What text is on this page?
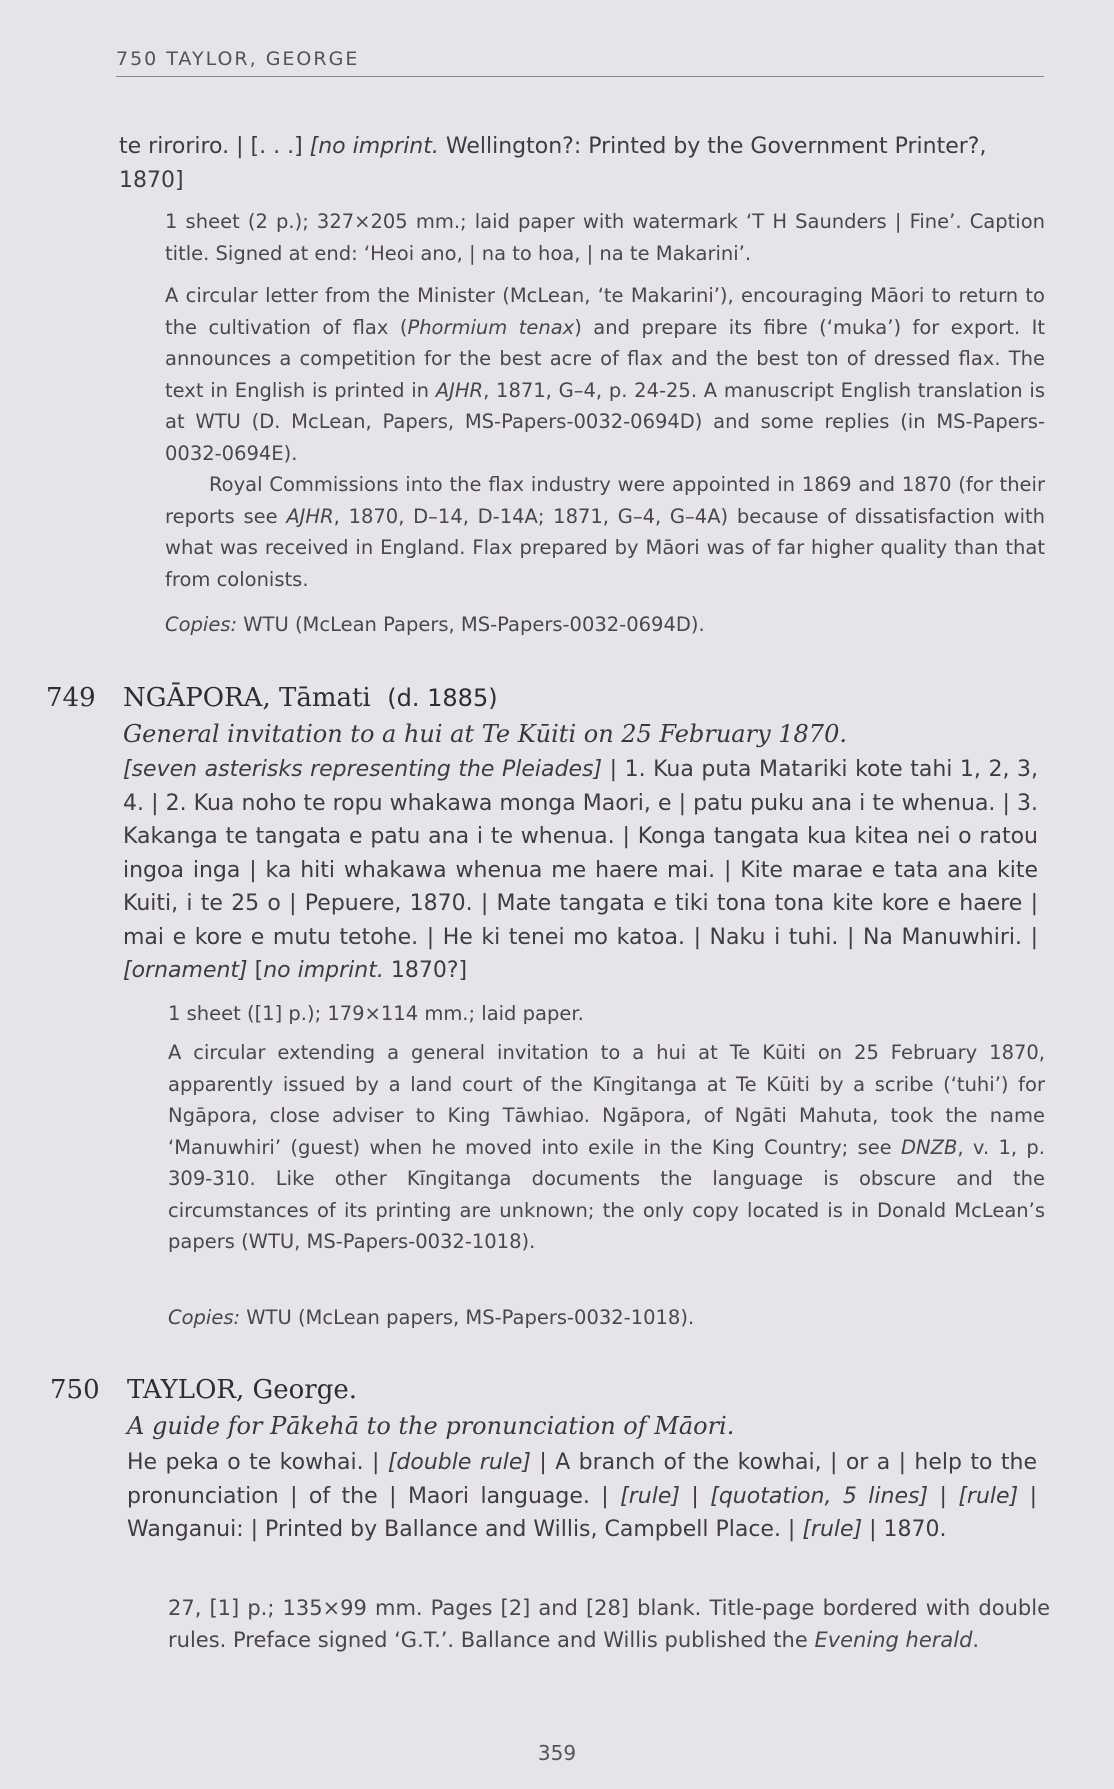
750 TAYLOR, GEORGE
te riroriro. | [. . .] [no imprint. Wellington?: Printed by the Government Printer?, 1870]
1 sheet (2 p.); 327×205 mm.; laid paper with watermark ‘T H Saunders | Fine’. Caption title. Signed at end: ‘Heoi ano, | na to hoa, | na te Makarini’.
A circular letter from the Minister (McLean, ‘te Makarini’), encouraging Māori to return to the cultivation of flax (Phormium tenax) and prepare its fibre (‘muka’) for export. It announces a competition for the best acre of flax and the best ton of dressed flax. The text in English is printed in AJHR, 1871, G–4, p. 24-25. A manuscript English translation is at WTU (D. McLean, Papers, MS-Papers-0032-0694D) and some replies (in MS-Papers-0032-0694E).
Royal Commissions into the flax industry were appointed in 1869 and 1870 (for their reports see AJHR, 1870, D–14, D-14A; 1871, G–4, G–4A) because of dissatisfaction with what was received in England. Flax prepared by Māori was of far higher quality than that from colonists.
Copies: WTU (McLean Papers, MS-Papers-0032-0694D).
749 NGĀPORA, Tāmati (d. 1885)
General invitation to a hui at Te Kūiti on 25 February 1870.
[seven asterisks representing the Pleiades] | 1. Kua puta Matariki kote tahi 1, 2, 3, 4. | 2. Kua noho te ropu whakawa monga Maori, e | patu puku ana i te whenua. | 3. Kakanga te tangata e patu ana i te whenua. | Konga tangata kua kitea nei o ratou ingoa inga | ka hiti whakawa whenua me haere mai. | Kite marae e tata ana kite Kuiti, i te 25 o | Pepuere, 1870. | Mate tangata e tiki tona tona kite kore e haere | mai e kore e mutu tetohe. | He ki tenei mo katoa. | Naku i tuhi. | Na Manuwhiri. | [ornament] [no imprint. 1870?]
1 sheet ([1] p.); 179×114 mm.; laid paper.
A circular extending a general invitation to a hui at Te Kūiti on 25 February 1870, apparently issued by a land court of the Kīngitanga at Te Kūiti by a scribe (‘tuhi’) for Ngāpora, close adviser to King Tāwhiao. Ngāpora, of Ngāti Mahuta, took the name ‘Manuwhiri’ (guest) when he moved into exile in the King Country; see DNZB, v. 1, p. 309-310. Like other Kīngitanga documents the language is obscure and the circumstances of its printing are unknown; the only copy located is in Donald McLean’s papers (WTU, MS-Papers-0032-1018).
Copies: WTU (McLean papers, MS-Papers-0032-1018).
750 TAYLOR, George.
A guide for Pākehā to the pronunciation of Māori.
He peka o te kowhai. | [double rule] | A branch of the kowhai, | or a | help to the pronunciation | of the | Maori language. | [rule] | [quotation, 5 lines] | [rule] | Wanganui: | Printed by Ballance and Willis, Campbell Place. | [rule] | 1870.
27, [1] p.; 135×99 mm. Pages [2] and [28] blank. Title-page bordered with double rules. Preface signed ‘G.T.’. Ballance and Willis published the Evening herald.
359
